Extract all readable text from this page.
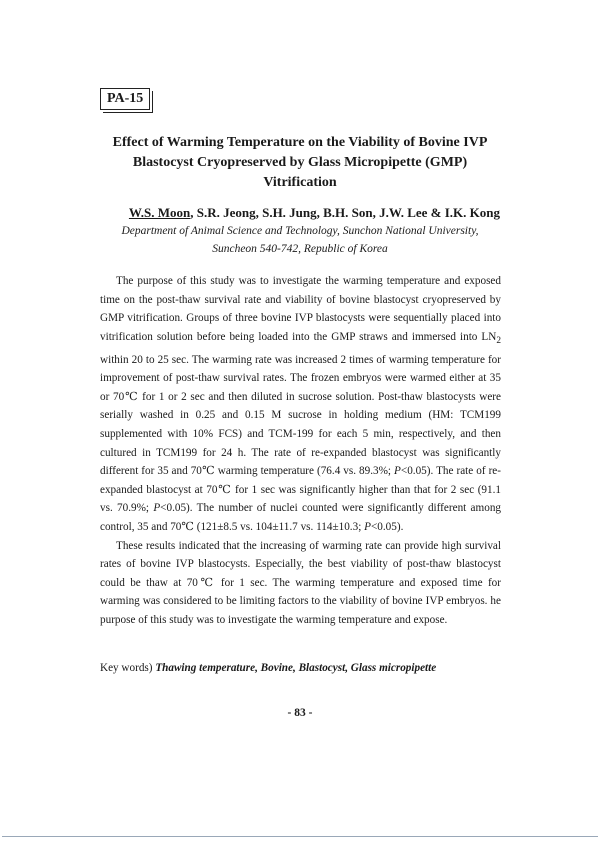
PA-15
Effect of Warming Temperature on the Viability of Bovine IVP
Blastocyst Cryopreserved by Glass Micropipette (GMP)
Vitrification
W.S. Moon, S.R. Jeong, S.H. Jung, B.H. Son, J.W. Lee & I.K. Kong
Department of Animal Science and Technology, Sunchon National University,
Suncheon 540-742, Republic of Korea

The purpose of this study was to investigate the warming temperature and exposed time on the post-thaw survival rate and viability of bovine blastocyst cryopreserved by GMP vitrification. Groups of three bovine IVP blastocysts were sequentially placed into vitrification solution before being loaded into the GMP straws and immersed into $LN_2$ within 20 to 25 sec. The warming rate was increased 2 times of warming temperature for improvement of post-thaw survival rates. The frozen embryos were warmed either at 35 or 70℃ for 1 or 2 sec and then diluted in sucrose solution. Post-thaw blastocysts were serially washed in 0.25 and 0.15 M sucrose in holding medium (HM: TCM199 supplemented with 10% FCS) and TCM-199 for each 5 min, respectively, and then cultured in TCM199 for 24 h. The rate of re-expanded blastocyst was significantly different for 35 and 70℃ warming temperature (76.4 vs. 89.3%; P<0.05). The rate of re-expanded blastocyst at 70℃ for 1 sec was significantly higher than that for 2 sec (91.1 vs. 70.9%; P<0.05). The number of nuclei counted were significantly different among control, 35 and 70℃ (121±8.5 vs. 104±11.7 vs. 114±10.3; P<0.05).

These results indicated that the increasing of warming rate can provide high survival rates of bovine IVP blastocysts. Especially, the best viability of post-thaw blastocyst could be thaw at 70℃ for 1 sec. The warming temperature and exposed time for warming was considered to be limiting factors to the viability of bovine IVP embryos. he purpose of this study was to investigate the warming temperature and expose.

Key words) Thawing temperature, Bovine, Blastocyst, Glass micropipette
- 83 -
